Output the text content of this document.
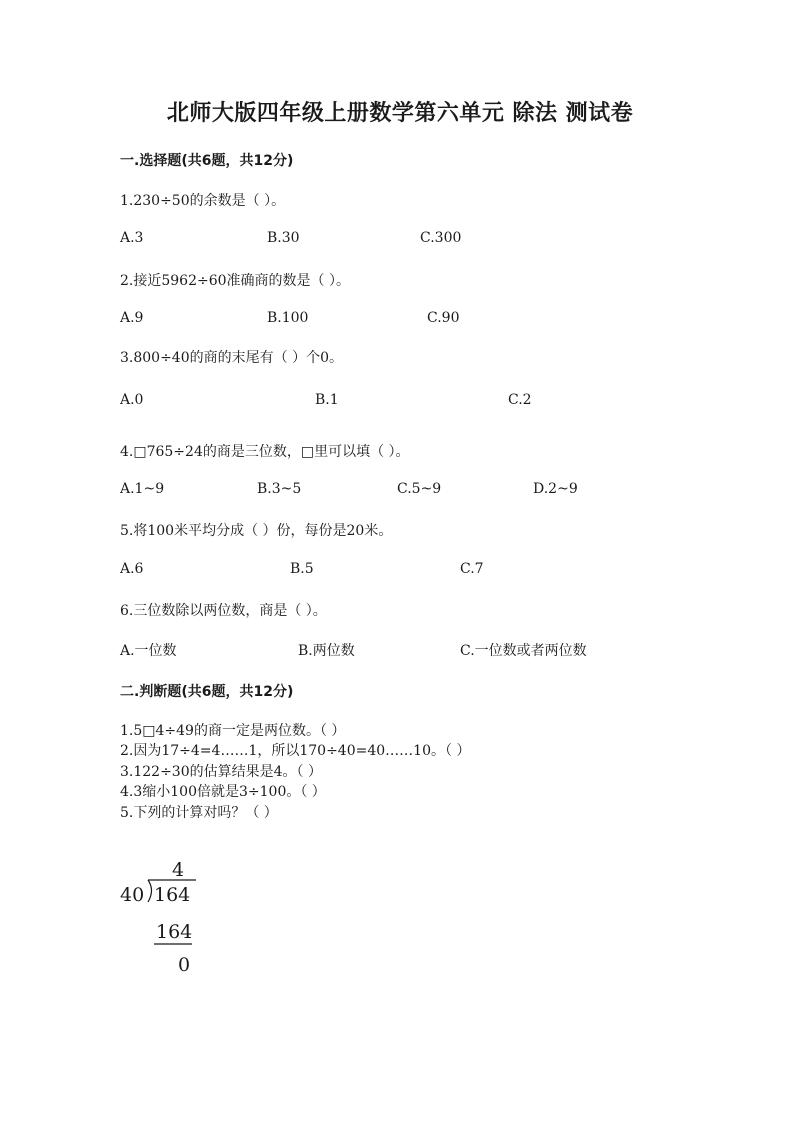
北师大版四年级上册数学第六单元 除法 测试卷
一.选择题(共6题，共12分)
1.230÷50的余数是（ ）。
A.3	B.30	C.300
2.接近5962÷60准确商的数是（ ）。
A.9	B.100	C.90
3.800÷40的商的末尾有（ ）个0。
A.0	B.1	C.2
4.□765÷24的商是三位数，□里可以填（ ）。
A.1~9	B.3~5	C.5~9	D.2~9
5.将100米平均分成（ ）份，每份是20米。
A.6	B.5	C.7
6.三位数除以两位数，商是（ ）。
A.一位数	B.两位数	C.一位数或者两位数
二.判断题(共6题，共12分)
1.5□4÷49的商一定是两位数。（ ）
2.因为17÷4=4……1，所以170÷40=40……10。（ ）
3.122÷30的估算结果是4。（ ）
4.3缩小100倍就是3÷100。（ ）
5.下列的计算对吗？（ ）
4
40 164
164
0
